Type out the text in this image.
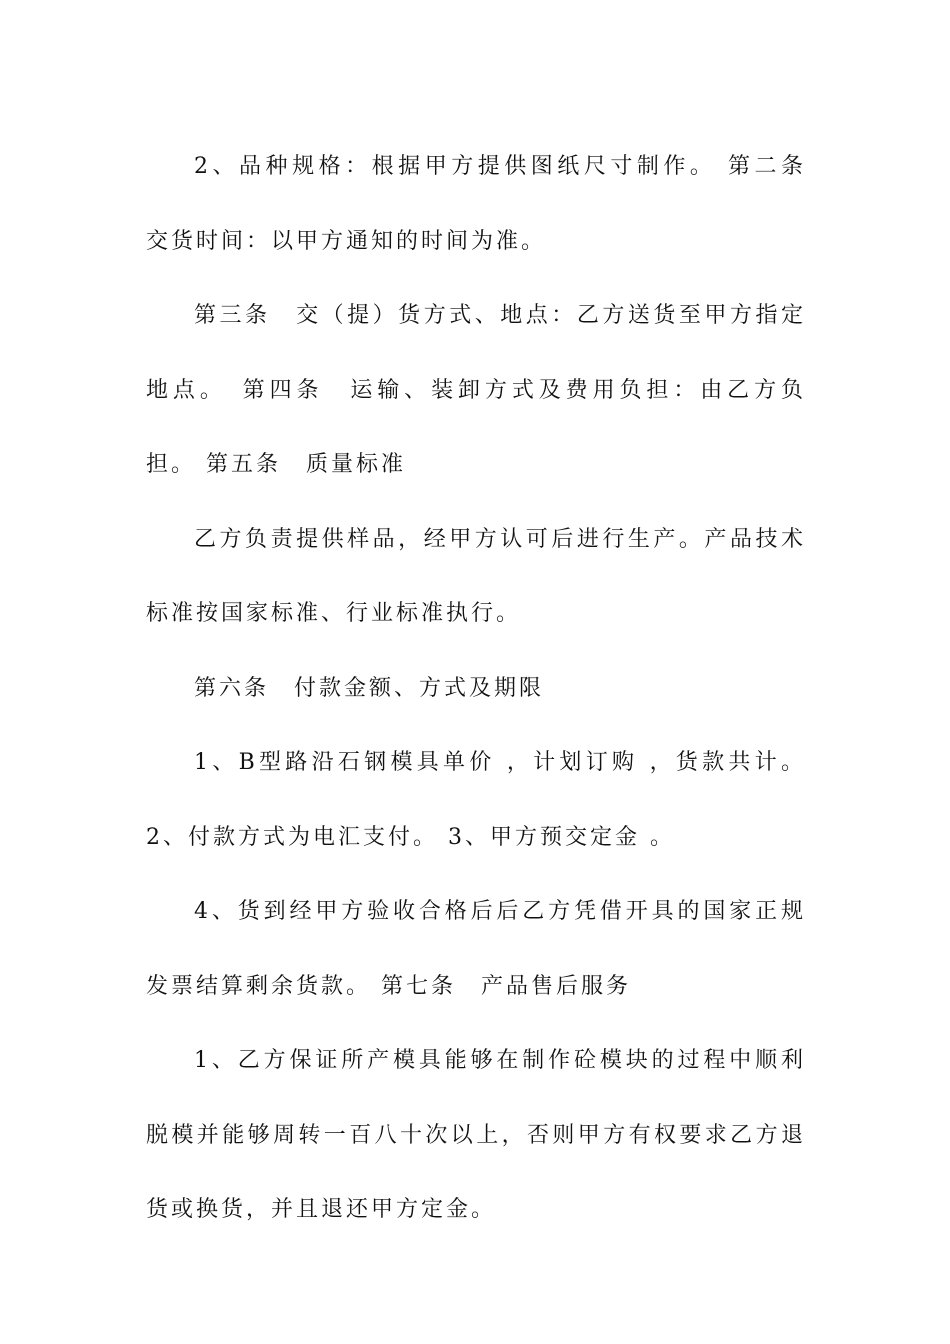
2、品种规格：根据甲方提供图纸尺寸制作。 第二条　交货时间：以甲方通知的时间为准。

第三条　交（提）货方式、地点：乙方送货至甲方指定地点。　第四条　运输、装卸方式及费用负担：由乙方负担。 第五条　质量标准

乙方负责提供样品，经甲方认可后进行生产。产品技术标准按国家标准、行业标准执行。

第六条　付款金额、方式及期限

1、B型路沿石钢模具单价 ，计划订购 ，货款共计。 2、付款方式为电汇支付。 3、甲方预交定金 。

4、货到经甲方验收合格后后乙方凭借开具的国家正规发票结算剩余货款。 第七条　产品售后服务

1、乙方保证所产模具能够在制作砼模块的过程中顺利脱模并能够周转一百八十次以上，否则甲方有权要求乙方退货或换货，并且退还甲方定金。
